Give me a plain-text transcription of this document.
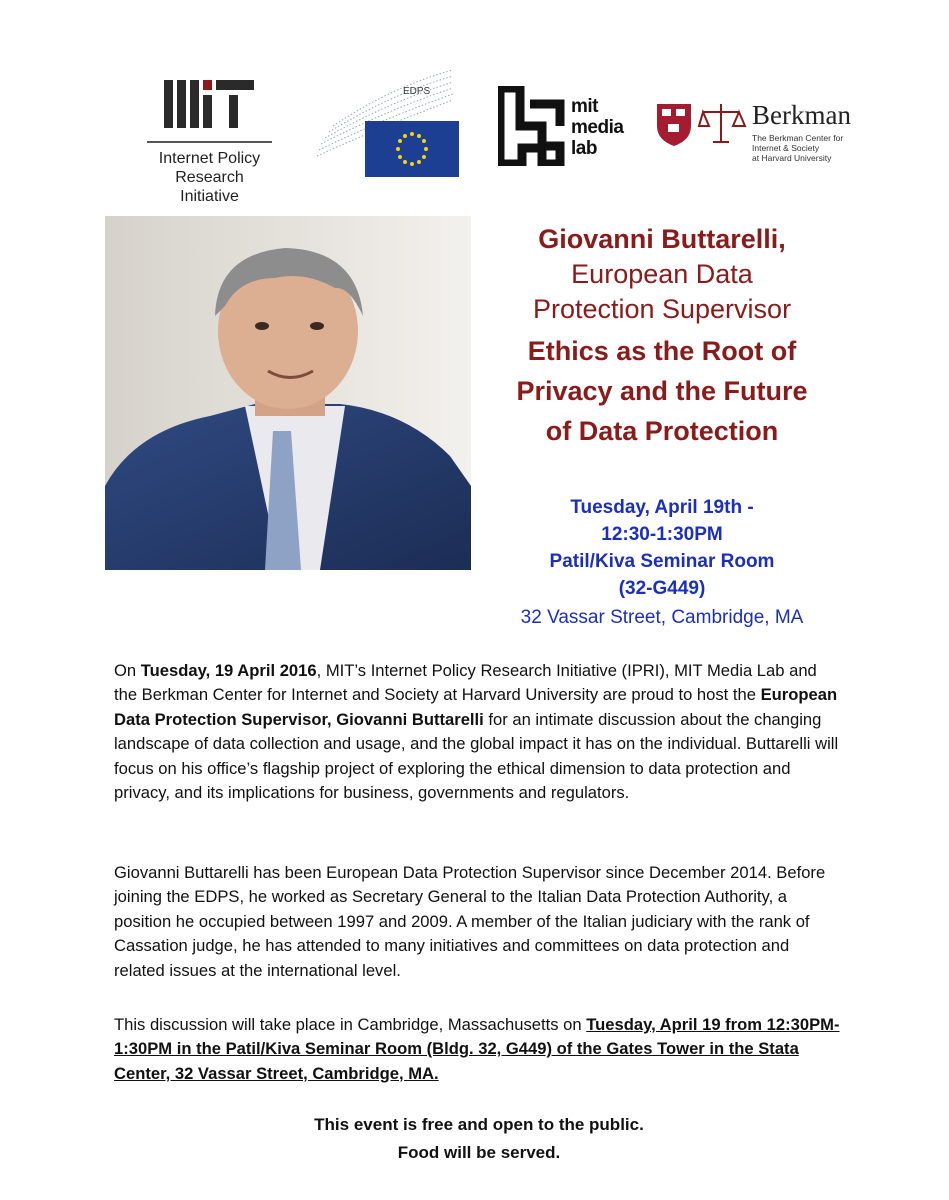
Internet Policy
Research
Initiative
EDPS
mit
media
lab
Berkman
The Berkman Center for Internet & Society
at Harvard University
Giovanni Buttarelli,
European Data
Protection Supervisor
Ethics as the Root of
Privacy and the Future
of Data Protection
Tuesday, April 19th -
12:30-1:30PM
Patil/Kiva Seminar Room
(32-G449)
32 Vassar Street, Cambridge, MA
On Tuesday, 19 April 2016, MIT’s Internet Policy Research Initiative (IPRI), MIT Media Lab and the Berkman Center for Internet and Society at Harvard University are proud to host the European Data Protection Supervisor, Giovanni Buttarelli for an intimate discussion about the changing landscape of data collection and usage, and the global impact it has on the individual. Buttarelli will focus on his office’s flagship project of exploring the ethical dimension to data protection and privacy, and its implications for business, governments and regulators.
Giovanni Buttarelli has been European Data Protection Supervisor since December 2014. Before joining the EDPS, he worked as Secretary General to the Italian Data Protection Authority, a position he occupied between 1997 and 2009. A member of the Italian judiciary with the rank of Cassation judge, he has attended to many initiatives and committees on data protection and related issues at the international level.
This discussion will take place in Cambridge, Massachusetts on Tuesday, April 19 from 12:30PM-1:30PM in the Patil/Kiva Seminar Room (Bldg. 32, G449) of the Gates Tower in the Stata Center, 32 Vassar Street, Cambridge, MA.
This event is free and open to the public.
Food will be served.
